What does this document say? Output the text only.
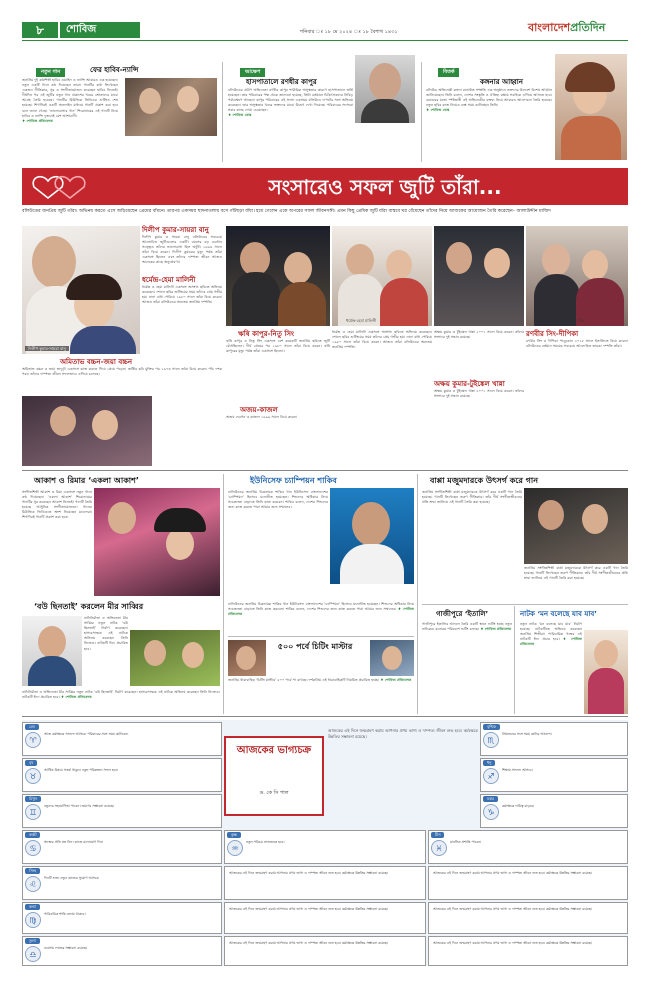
৮	শোবিজ	শনিবার ঃ ১৮ মে ২০২৪ ঃ ১৮ বৈশাখ ১৪৩১	বাংলাদেশপ্রতিদিন
নতুন গান	ফের হাবিব-ন্যান্সি
জনপ্রিয় দুই কণ্ঠশিল্পী হাবিব ওয়াহিদ ও ন্যান্সি আবারও এক হয়েছেন। নতুন একটি গানে কণ্ঠ দিয়েছেন তারা। গানটির কথা লিখেছেন একজন গীতিকার, সুর ও সংগীতায়োজন করেছেন হাবিব নিজেই। দীর্ঘদিন পর এই জুটির নতুন গান প্রকাশের খবরে শ্রোতাদের মাঝে আগ্রহ তৈরি হয়েছে। গানটির মিউজিক ভিডিওর শুটিংও শেষ হয়েছে। শিগগিরই একটি অনলাইন মাধ্যমে গানটি প্রকাশ করা হবে বলে জানা গেছে। ‘ভালোবাসার গান’ শিরোনামের এই গানটি নিয়ে হাবিব ও ন্যান্সি দুজনেই বেশ আশাবাদী।
♦ শোবিজ প্রতিবেদক
আক্ষেপ
হাসপাতালে রণধীর কাপুর
বলিউডের প্রবীণ অভিনেতা রণধীর কাপুর শারীরিক অসুস্থতার কারণে হাসপাতালে ভর্তি হয়েছেন। তার পরিবারের পক্ষ থেকে জানানো হয়েছে, তিনি বর্তমানে চিকিৎসকদের নিবিড় পর্যবেক্ষণে আছেন। কাপুর পরিবারের এই সদস্য একসময় বলিউডে দাপটের সঙ্গে অভিনয় করেছেন। তার অসুস্থতার খবরে ভক্তদের মাঝে উদ্বেগ দেখা দিয়েছে। পরিবারের সদস্যরা সবার কাছে দোয়া চেয়েছেন।
♦ শোবিজ ডেস্ক
বিতর্ক
কঙ্গনার আহ্বান
বলিউড অভিনেত্রী কঙ্গনা রানাউত সম্প্রতি এক অনুষ্ঠানে ভক্তদের উদ্দেশে বিশেষ আহ্বান জানিয়েছেন। তিনি বলেন, দেশের সংস্কৃতি ও ঐতিহ্য রক্ষায় সবাইকে এগিয়ে আসতে হবে। বরাবরের মতো স্পষ্টভাষী এই অভিনেত্রীর বক্তব্য নিয়ে আবারও আলোচনা তৈরি হয়েছে। নতুন ছবির কাজ নিয়েও ব্যস্ত সময় কাটাচ্ছেন তিনি।
♦ শোবিজ ডেস্ক
সংসারেও সফল জুটি তাঁরা...
বলিউডের জনপ্রিয় জুটি তাঁরা। অভিনয় করতে এসে জড়িয়েছেন প্রেমের বাঁধনে। তারপর একসময় ছাদনাতলায় বসে গাঁটছড়া বাঁধা। হয়ে গেলেন একে অপরের সফল জীবনসঙ্গী। এমন কিছু প্রেমিক জুটি যাঁরা বাস্তবে ঘর বেঁধেছেন তাঁদের নিয়ে আজকের আয়োজন তৈরি করেছেন– আলাউদ্দীন মাজিদ
দিলীপ কুমার-সায়রা বানু
দিলীপ কুমার-সায়রা বানু
দিলীপ কুমার ও সায়রা বানু বলিউডের সবচেয়ে আলোচিত জুটিগুলোর একটি। বয়সের বড় ব্যবধান সত্ত্বেও তাঁদের ভালোবাসা ছিল অটুট। ১৯৬৬ সালে তাঁরা বিয়ে করেন। দিলীপ কুমারের মৃত্যু পর্যন্ত তাঁরা একসঙ্গে ছিলেন এবং তাঁদের দাম্পত্য জীবন আজও অনেকের কাছে অনুপ্রেরণা।
ধর্মেন্দ্র-হেমা মালিনী
ধর্মেন্দ্র ও হেমা মালিনী একসঙ্গে অসংখ্য ছবিতে অভিনয় করেছেন। শোলে ছবির শুটিংয়ের সময় তাঁদের প্রেম গভীর হয়। নানা বাধা পেরিয়ে ১৯৮০ সালে তাঁরা বিয়ে করেন। আজও তাঁরা বলিউডের অন্যতম জনপ্রিয় দম্পতি।
অমিতাভ বচ্চন-জয়া বচ্চন
অমিতাভ বচ্চন ও জয়া ভাদুড়ী একসঙ্গে কাজ করতে গিয়ে প্রেমে পড়েন। জঞ্জির ছবি মুক্তির পর ১৯৭৩ সালে তাঁরা বিয়ে করেন। পাঁচ দশক পরও তাঁদের দাম্পত্য জীবন সফলভাবে এগিয়ে চলেছে।
অমিতাভ বচ্চন-জয়া বচ্চন	ধর্মেন্দ্র-হেমা মালিনী	ঋষি কাপুর-নিতু সিং
ঋষি কাপুর-নিতু সিং
ঋষি কাপুর ও নিতু সিং একসঙ্গে বেশ কয়েকটি জনপ্রিয় ছবিতে জুটি বেঁধেছিলেন। দীর্ঘ প্রেমের পর ১৯৮০ সালে তাঁরা বিয়ে করেন। ঋষি কাপুরের মৃত্যু পর্যন্ত তাঁরা একসঙ্গে ছিলেন।
ধর্মেন্দ্র ও হেমা মালিনী একসঙ্গে অসংখ্য ছবিতে অভিনয় করেছেন। শোলে ছবির শুটিংয়ের সময় তাঁদের প্রেম গভীর হয়। নানা বাধা পেরিয়ে ১৯৮০ সালে তাঁরা বিয়ে করেন। আজও তাঁরা বলিউডের অন্যতম জনপ্রিয় দম্পতি।
অজয়-কাজল
অজয় দেবগন ও কাজল ১৯৯৯ সালে বিয়ে করেন।
অক্ষয় কুমার ও টুইঙ্কেল খান্না ২০০১ সালে বিয়ে করেন। তাঁদের সংসারে দুই সন্তান রয়েছে।
অক্ষয় কুমার-টুইঙ্কেল খান্না
অক্ষয় কুমার ও টুইঙ্কেল খান্না ২০০১ সালে বিয়ে করেন। তাঁদের সংসারে দুই সন্তান রয়েছে।
রণবীর সিং-দীপিকা
রণবীর সিং ও দীপিকা পাড়ুকোন ২০১৮ সালে ইতালিতে বিয়ে করেন। বলিউডের বর্তমান সময়ের সবচেয়ে আলোচিত তারকা দম্পতি তাঁরা।
আকাশ ও রিমার ‘একলা আকাশ’
সংগীতশিল্পী আকাশ ও রিমা একসঙ্গে নতুন গানে কণ্ঠ দিয়েছেন। ‘একলা আকাশ’ শিরোনামের গানটির সুর করেছেন আকাশ নিজেই। গানটি তৈরি হয়েছে আধুনিক সংগীতায়োজনে। গানের মিউজিক ভিডিওতে অংশ নিয়েছেন মডেলরা। শিগগিরই গানটি প্রকাশ করা হবে।
‘বউ ছিনতাই’ করলেন মীর সাব্বির
নাট্যনির্মাতা ও অভিনেতা মীর সাব্বির নতুন নাটক ‘বউ ছিনতাই’ নির্মাণ করেছেন। হাস্যরসাত্মক এই নাটকে অভিনয় করেছেন তিনি নিজেও। নাটকটি ঈদে প্রচারিত হবে।
নাট্যনির্মাতা ও অভিনেতা মীর সাব্বির নতুন নাটক ‘বউ ছিনতাই’ নির্মাণ করেছেন। হাস্যরসাত্মক এই নাটকে অভিনয় করেছেন তিনি নিজেও। নাটকটি ঈদে প্রচারিত হবে। ♦ শোবিজ প্রতিবেদক
ইউনিসেফ চ্যাম্পিয়ন শাকিব
ঢালিউডের জনপ্রিয় চিত্রনায়ক শাকিব খান ইউনিসেফ বাংলাদেশের ‘চ্যাম্পিয়ন’ হিসেবে মনোনীত হয়েছেন। শিশুদের অধিকার নিয়ে সচেতনতা বাড়াতে তিনি কাজ করবেন। শাকিব বলেন, দেশের শিশুদের জন্য কাজ করতে পারা আমার জন্য সম্মানের।
ঢালিউডের জনপ্রিয় চিত্রনায়ক শাকিব খান ইউনিসেফ বাংলাদেশের ‘চ্যাম্পিয়ন’ হিসেবে মনোনীত হয়েছেন। শিশুদের অধিকার নিয়ে সচেতনতা বাড়াতে তিনি কাজ করবেন। শাকিব বলেন, দেশের শিশুদের জন্য কাজ করতে পারা আমার জন্য সম্মানের। ♦ শোবিজ প্রতিবেদক
৫০০ পর্বে চিটিং মাস্টার
জনপ্রিয় ধারাবাহিক ‘চিটিং মাস্টার’ ৫০০ পর্বে পা রাখছে। দর্শকপ্রিয় এই ধারাবাহিকটি নিয়মিত প্রচারিত হচ্ছে। ♦ শোবিজ প্রতিবেদক
বাপ্পা মজুমদারকে উৎসর্গ করে গান
জনপ্রিয় সংগীতশিল্পী বাপ্পা মজুমদারকে উৎসর্গ করে একটি গান তৈরি হয়েছে। গানটি লিখেছেন তরুণ গীতিকার। তাঁর দীর্ঘ সংগীতজীবনের প্রতি শ্রদ্ধা জানিয়ে এই গানটি তৈরি করা হয়েছে।
জনপ্রিয় সংগীতশিল্পী বাপ্পা মজুমদারকে উৎসর্গ করে একটি গান তৈরি হয়েছে। গানটি লিখেছেন তরুণ গীতিকার। তাঁর দীর্ঘ সংগীতজীবনের প্রতি শ্রদ্ধা জানিয়ে এই গানটি তৈরি করা হয়েছে।
গাজীপুরে ‘ইতালি’
গাজীপুরে ইতালির আদলে তৈরি একটি স্থানে শুটিং হচ্ছে নতুন নাটকের। মনোরম পরিবেশে শুটিং চলছে। ♦ শোবিজ প্রতিবেদক
নাটক ‘মন বলেছে যাব যাব’
নতুন নাটক ‘মন বলেছে যাব যাব’ নির্মাণ হয়েছে। নাটকটিতে অভিনয় করেছেন জনপ্রিয় শিল্পীরা। পারিবারিক গল্পের এই নাটকটি ঈদে প্রচার হবে। ♦ শোবিজ প্রতিবেদক
আজকের ভাগ্যচক্র
ড. কে সি পাল
আজকের এই দিনে জন্মগ্রহণ করায় আপনার প্রণয় ভাগ্য ও দাম্পত্য জীবন শুভ হবে। কর্মক্ষেত্রে উন্নতির সম্ভাবনা রয়েছে।
মেষ
♈
আজ কর্মক্ষেত্রে সাফল্য আসবে। পরিবারের সঙ্গে সময় কাটাবেন।
বৃষ
♉
আর্থিক বিষয়ে সতর্ক থাকুন। নতুন পরিকল্পনা সফল হবে।
মিথুন
♊
বন্ধুদের সহযোগিতা পাবেন। ভ্রমণের সম্ভাবনা রয়েছে।
কর্কট
♋
স্বাস্থ্যের প্রতি যত্ন নিন। কাজে মনোযোগ দিন।
সিংহ
♌
দিনটি শুভ। নতুন কাজের সুযোগ আসবে।
কন্যা
♍
পারিবারিক শান্তি বজায় থাকবে।
তুলা
♎
ব্যবসায় লাভের সম্ভাবনা রয়েছে।
বৃশ্চিক
♏
প্রিয়জনের সঙ্গে সময় কাটবে আনন্দে।
ধনু
♐
শিক্ষায় সাফল্য আসবে।
মকর
♑
কর্মক্ষেত্রে দায়িত্ব বাড়বে।
কুম্ভ
♒
নতুন পরিচয় লাভজনক হবে।
মীন
♓
মানসিক প্রশান্তি পাবেন।
আজকের এই দিনে জন্মগ্রহণ করায় আপনার প্রণয় ভাগ্য ও দাম্পত্য জীবন শুভ হবে। কর্মক্ষেত্রে উন্নতির সম্ভাবনা রয়েছে।	আজকের এই দিনে জন্মগ্রহণ করায় আপনার প্রণয় ভাগ্য ও দাম্পত্য জীবন শুভ হবে। কর্মক্ষেত্রে উন্নতির সম্ভাবনা রয়েছে।
আজকের এই দিনে জন্মগ্রহণ করায় আপনার প্রণয় ভাগ্য ও দাম্পত্য জীবন শুভ হবে। কর্মক্ষেত্রে উন্নতির সম্ভাবনা রয়েছে।	আজকের এই দিনে জন্মগ্রহণ করায় আপনার প্রণয় ভাগ্য ও দাম্পত্য জীবন শুভ হবে। কর্মক্ষেত্রে উন্নতির সম্ভাবনা রয়েছে।
আজকের এই দিনে জন্মগ্রহণ করায় আপনার প্রণয় ভাগ্য ও দাম্পত্য জীবন শুভ হবে। কর্মক্ষেত্রে উন্নতির সম্ভাবনা রয়েছে।	আজকের এই দিনে জন্মগ্রহণ করায় আপনার প্রণয় ভাগ্য ও দাম্পত্য জীবন শুভ হবে। কর্মক্ষেত্রে উন্নতির সম্ভাবনা রয়েছে।
